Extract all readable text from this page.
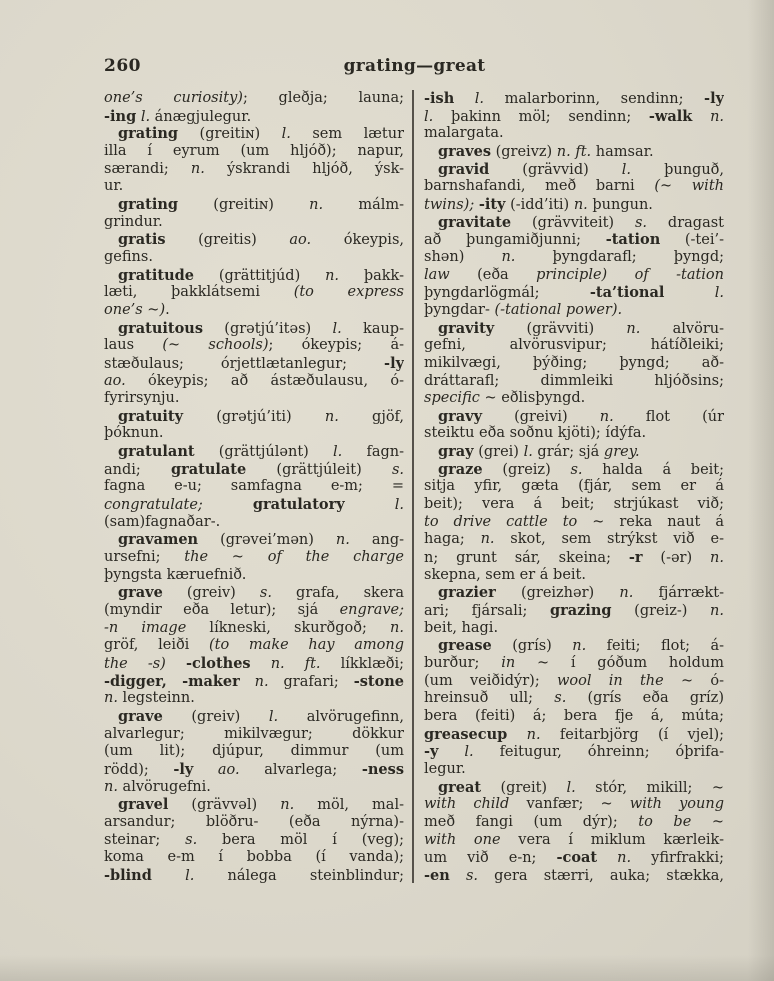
260	grating—great
one’s curiosity); gleðja; launa;
-ing l. ánægjulegur.
grating (greitiɴ) l. sem lætur
illa í eyrum (um hljóð); napur,
særandi; n. ýskrandi hljóð, ýsk-
ur.
grating (greitiɴ) n. málm-
grindur.
gratis (greitis) ao. ókeypis,
gefins.
gratitude (grättitjúd) n. þakk-
læti, þakklátsemi (to express
one’s ~).
gratuitous (grətjú’itəs) l. kaup-
laus (~ schools); ókeypis; á-
stæðulaus; órjettlætanlegur; -ly
ao. ókeypis; að ástæðulausu, ó-
fyrirsynju.
gratuity (grətjú’iti) n. gjöf,
þóknun.
gratulant (grättjúlənt) l. fagn-
andi; gratulate (grättjúleit) s.
fagna e-u; samfagna e-m; =
congratulate;	gratulatory	l.
(sam)fagnaðar-.
gravamen (grəvei’mən) n. ang-
ursefni; the ~ of the charge
þyngsta kæruefnið.
grave (greiv) s. grafa, skera
(myndir eða letur); sjá engrave;
-n image líkneski, skurðgoð; n.
gröf, leiði (to make hay among
the -s) -clothes n. ft. líkklæði;
-digger, -maker n. grafari; -stone
n. legsteinn.
grave (greiv) l. alvörugefinn,
alvarlegur; mikilvægur; dökkur
(um lit); djúpur, dimmur (um
rödd); -ly ao. alvarlega; -ness
n. alvörugefni.
gravel (grävvəl) n. möl, mal-
arsandur; blöðru- (eða nýrna)-
steinar; s. bera möl í (veg);
koma e-m í bobba (í vanda);
-blind l. nálega steinblindur;
-ish l. malarborinn, sendinn; -ly
l. þakinn möl; sendinn; -walk n.
malargata.
graves (greivz) n. ft. hamsar.
gravid (grävvid) l. þunguð,
barnshafandi, með barni (~ with
twins); -ity (-idd’iti) n. þungun.
gravitate (grävviteit) s. dragast
að þungamiðjunni; -tation (-tei’-
shən) n. þyngdarafl; þyngd;
law (eða principle) of -tation
þyngdarlögmál; -ta’tional	l.
þyngdar- (-tational power).
gravity (grävviti) n. alvöru-
gefni, alvörusvipur; hátíðleiki;
mikilvægi, þýðing; þyngd; að-
dráttarafl; dimmleiki hljóðsins;
specific ~ eðlisþyngd.
gravy (greivi) n. flot (úr
steiktu eða soðnu kjöti); ídýfa.
gray (grei) l. grár; sjá grey.
graze (greiz) s. halda á beit;
sitja yfir, gæta (fjár, sem er á
beit); vera á beit; strjúkast við;
to drive cattle to ~ reka naut á
haga; n. skot, sem strýkst við e-
n; grunt sár, skeina; -r (-ər) n.
skepna, sem er á beit.
grazier (greizhər) n. fjárrækt-
ari; fjársali; grazing (greiz-) n.
beit, hagi.
grease (grís) n. feiti; flot; á-
burður; in ~ í góðum holdum
(um veiðidýr); wool in the ~ ó-
hreinsuð ull; s. (grís eða gríz)
bera (feiti) á; bera fje á, múta;
greasecup n. feitarbjörg (í vjel);
-y l. feitugur, óhreinn; óþrifa-
legur.
great (greit) l. stór, mikill; ~
with child vanfær; ~ with young
með fangi (um dýr); to be ~
with one vera í miklum kærleik-
um við e-n; -coat n. yfirfrakki;
-en s. gera stærri, auka; stækka,
